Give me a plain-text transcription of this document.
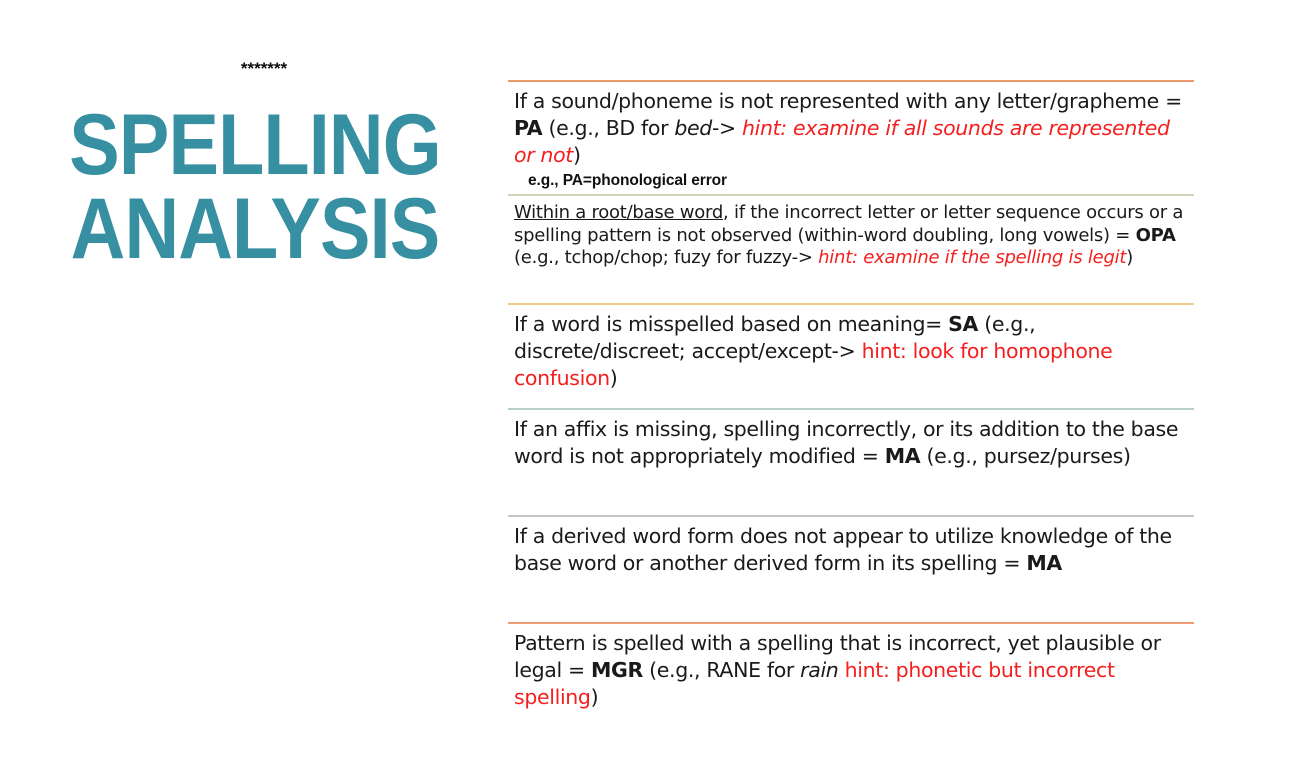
*******
SPELLING
ANALYSIS

If a sound/phoneme is not represented with any letter/grapheme = PA (e.g., BD for bed-> hint: examine if all sounds are represented or not)

e.g., PA=phonological error

Within a root/base word, if the incorrect letter or letter sequence occurs or a spelling pattern is not observed (within-word doubling, long vowels) = OPA (e.g., tchop/chop; fuzy for fuzzy-> hint: examine if the spelling is legit)

If a word is misspelled based on meaning= SA (e.g., discrete/discreet; accept/except-> hint: look for homophone confusion)

If an affix is missing, spelling incorrectly, or its addition to the base word is not appropriately modified = MA (e.g., pursez/purses)

If a derived word form does not appear to utilize knowledge of the base word or another derived form in its spelling = MA

Pattern is spelled with a spelling that is incorrect, yet plausible or legal = MGR (e.g., RANE for rain hint: phonetic but incorrect spelling)
